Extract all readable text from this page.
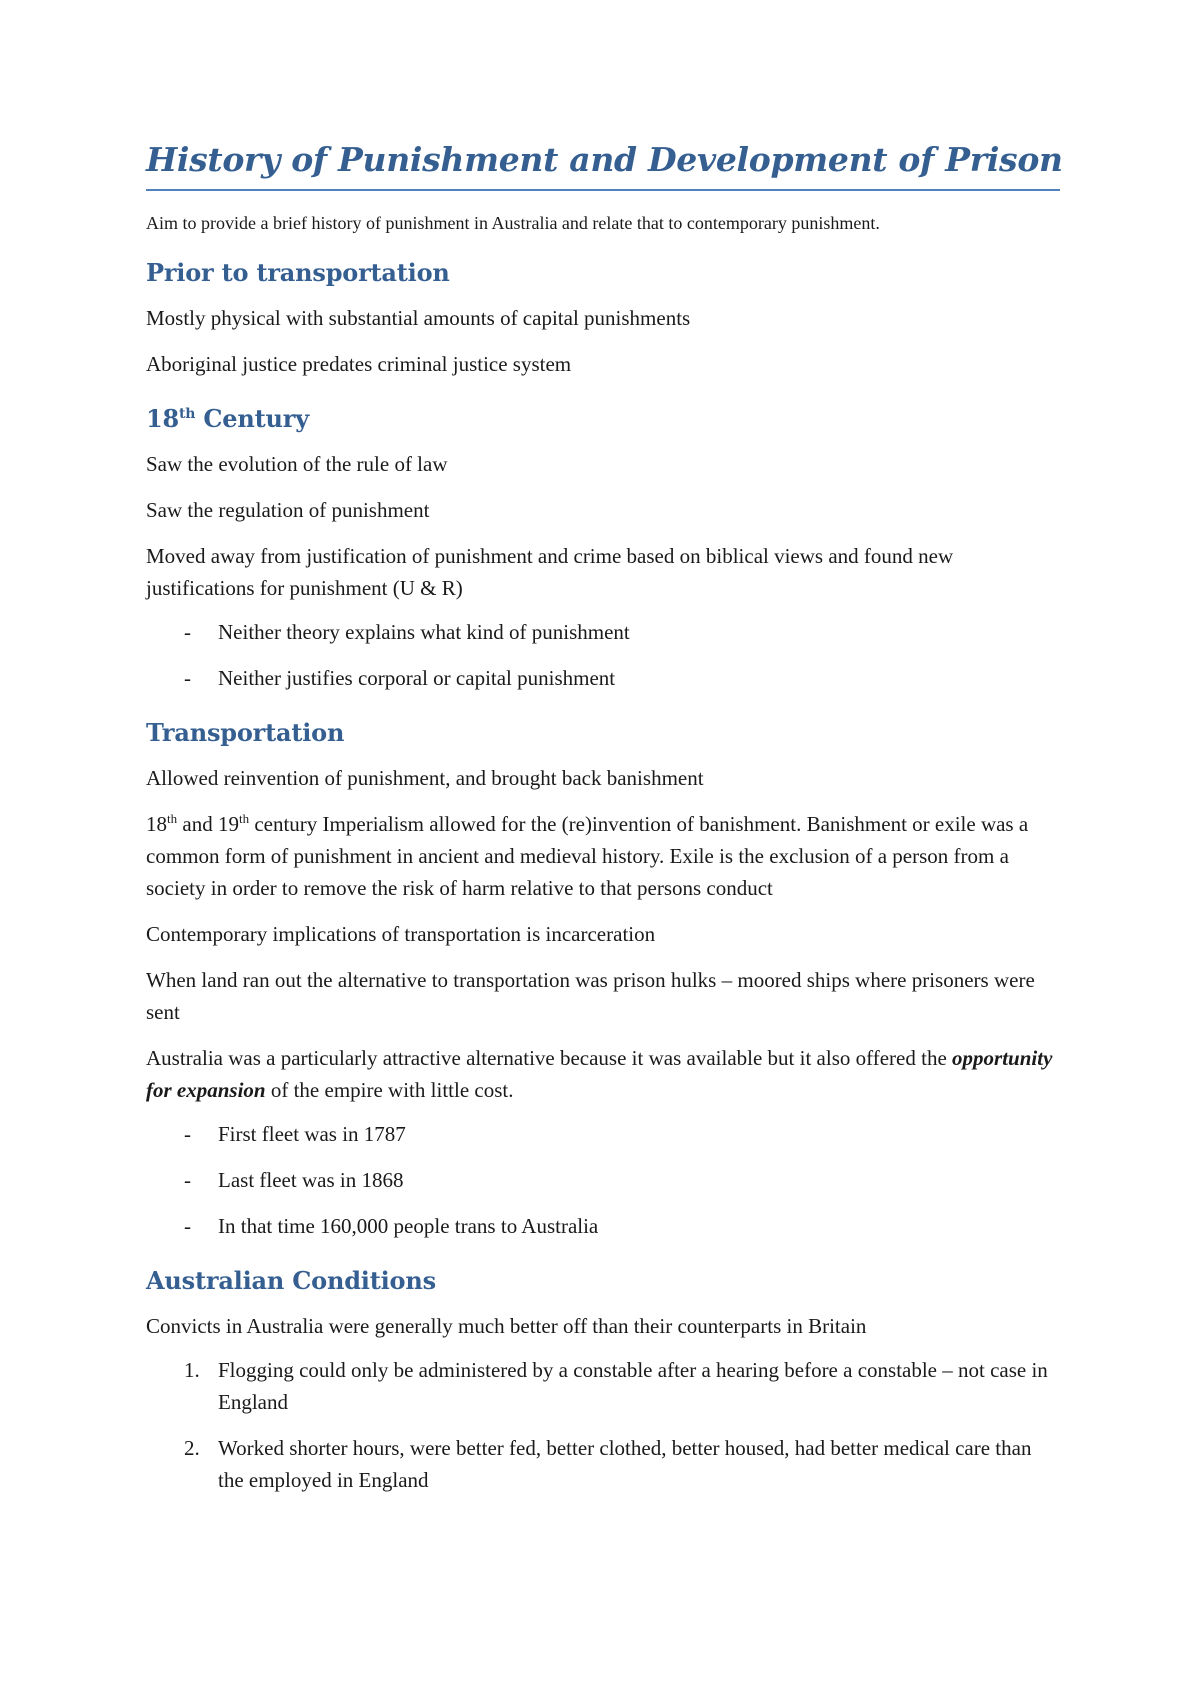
History of Punishment and Development of Prison
Aim to provide a brief history of punishment in Australia and relate that to contemporary punishment.
Prior to transportation

Mostly physical with substantial amounts of capital punishments

Aboriginal justice predates criminal justice system

18th Century

Saw the evolution of the rule of law

Saw the regulation of punishment

Moved away from justification of punishment and crime based on biblical views and found new justifications for punishment (U & R)

- Neither theory explains what kind of punishment
- Neither justifies corporal or capital punishment
Transportation

Allowed reinvention of punishment, and brought back banishment

18th and 19th century Imperialism allowed for the (re)invention of banishment. Banishment or exile was a common form of punishment in ancient and medieval history. Exile is the exclusion of a person from a society in order to remove the risk of harm relative to that persons conduct

Contemporary implications of transportation is incarceration

When land ran out the alternative to transportation was prison hulks – moored ships where prisoners were sent

Australia was a particularly attractive alternative because it was available but it also offered the opportunity for expansion of the empire with little cost.

- First fleet was in 1787
- Last fleet was in 1868
- In that time 160,000 people trans to Australia
Australian Conditions

Convicts in Australia were generally much better off than their counterparts in Britain

1. Flogging could only be administered by a constable after a hearing before a constable – not case in England
2. Worked shorter hours, were better fed, better clothed, better housed, had better medical care than the employed in England
